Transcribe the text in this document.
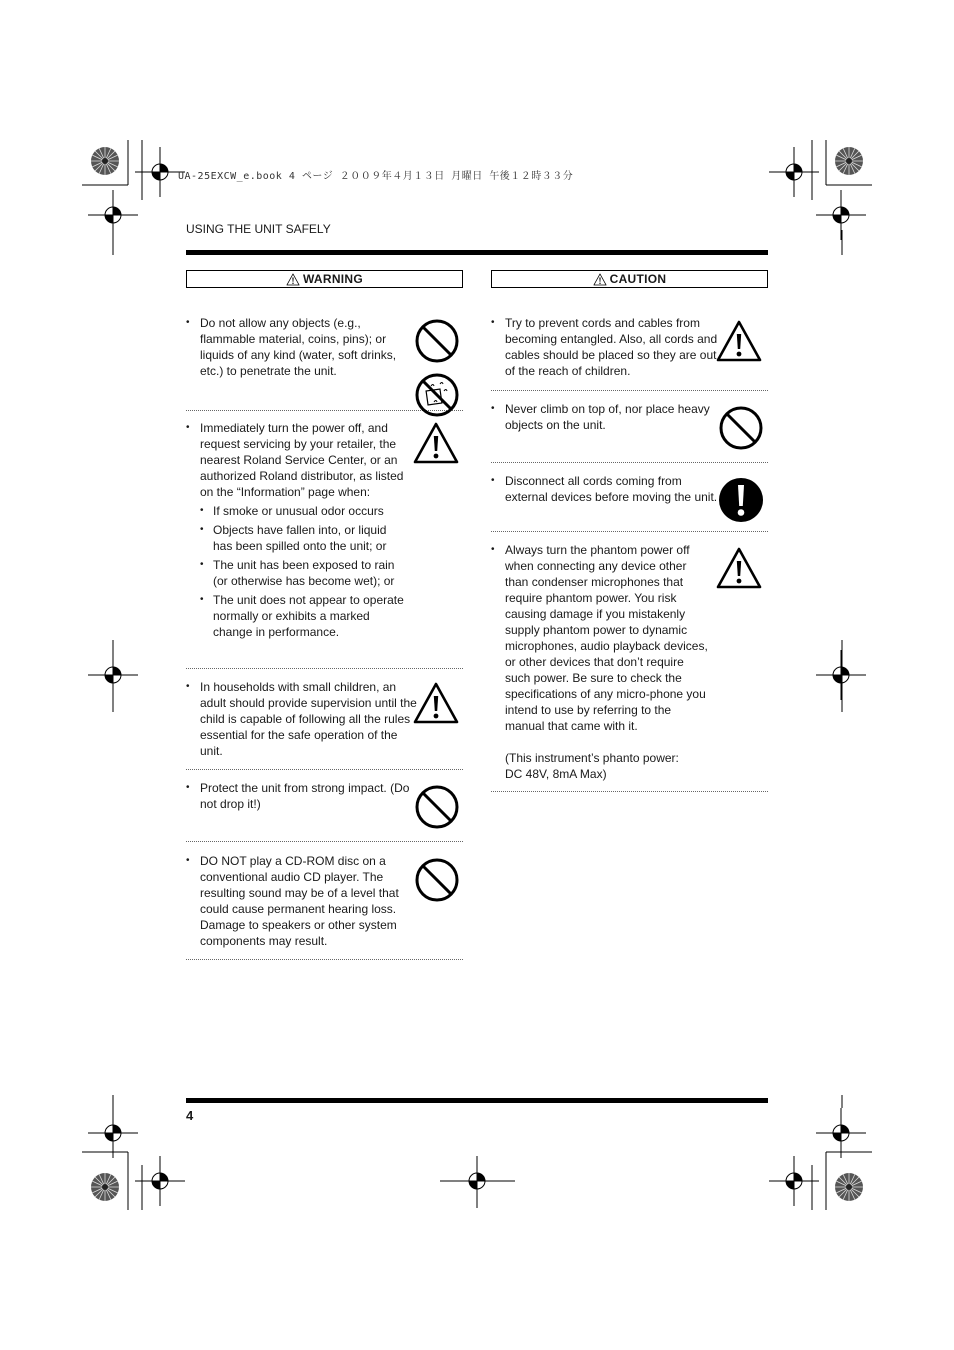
UA-25EXCW_e.book 4 ページ ２００９年４月１３日 月曜日 午後１２時３３分
USING THE UNIT SAFELY
WARNING
• Do not allow any objects (e.g., flammable material, coins, pins); or liquids of any kind (water, soft drinks, etc.) to penetrate the unit.
• Immediately turn the power off, and request servicing by your retailer, the nearest Roland Service Center, or an authorized Roland distributor, as listed on the “Information” page when:
• If smoke or unusual odor occurs
• Objects have fallen into, or liquid has been spilled onto the unit; or
• The unit has been exposed to rain (or otherwise has become wet); or
• The unit does not appear to operate normally or exhibits a marked change in performance.
• In households with small children, an adult should provide supervision until the child is capable of following all the rules essential for the safe operation of the unit.
• Protect the unit from strong impact. (Do not drop it!)
• DO NOT play a CD-ROM disc on a conventional audio CD player. The resulting sound may be of a level that could cause permanent hearing loss. Damage to speakers or other system components may result.
CAUTION
• Try to prevent cords and cables from becoming entangled. Also, all cords and cables should be placed so they are out of the reach of children.
• Never climb on top of, nor place heavy objects on the unit.
• Disconnect all cords coming from external devices before moving the unit.
• Always turn the phantom power off when connecting any device other than condenser microphones that require phantom power. You risk causing damage if you mistakenly supply phantom power to dynamic microphones, audio playback devices, or other devices that don’t require such power. Be sure to check the specifications of any micro-phone you intend to use by referring to the manual that came with it.
(This instrument’s phanto power:
DC 48V, 8mA Max)
4
